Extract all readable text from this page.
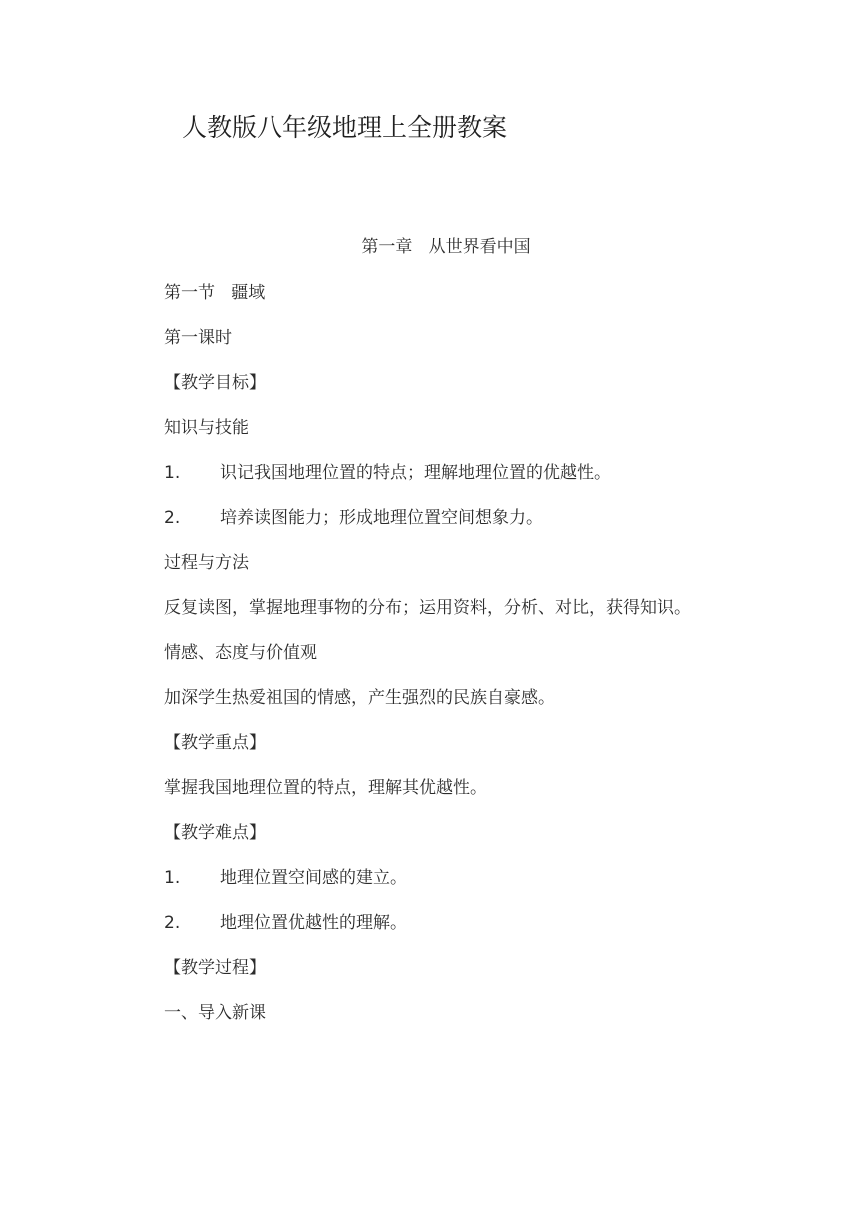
人教版八年级地理上全册教案
第一章   从世界看中国
第一节   疆域
第一课时
【教学目标】
知识与技能
1. 识记我国地理位置的特点；理解地理位置的优越性。
2. 培养读图能力；形成地理位置空间想象力。
过程与方法
反复读图，掌握地理事物的分布；运用资料，分析、对比，获得知识。
情感、态度与价值观
加深学生热爱祖国的情感，产生强烈的民族自豪感。
【教学重点】
掌握我国地理位置的特点，理解其优越性。
【教学难点】
1. 地理位置空间感的建立。
2. 地理位置优越性的理解。
【教学过程】
一、导入新课
